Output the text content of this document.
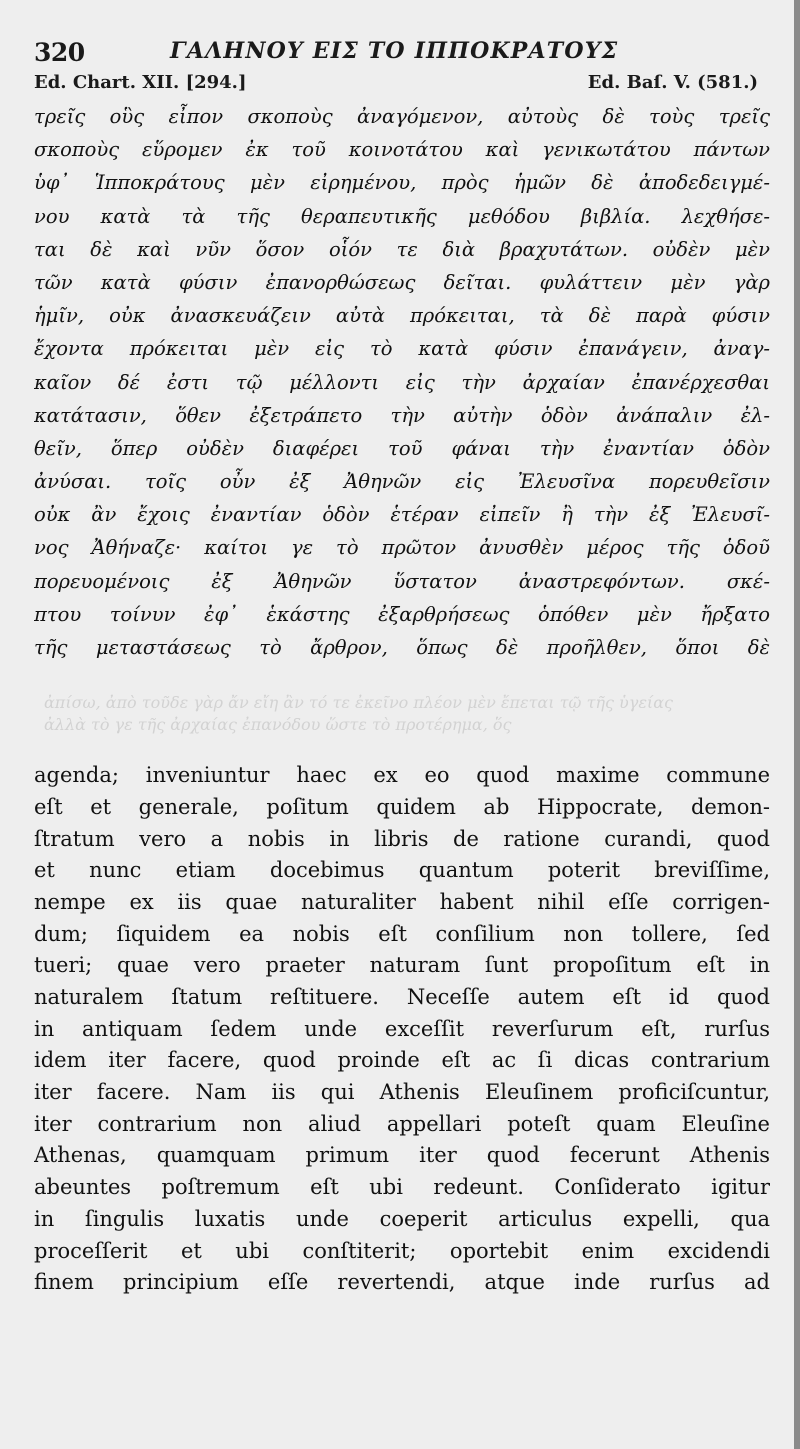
320	ΓΑΛΗΝΟΥ ΕΙΣ ΤΟ ΙΠΠΟΚΡΑΤΟΥΣ
Ed. Chart. XII. [294.]	Ed. Baſ. V. (581.)
τρεῖς οὓς εἶπον σκοποὺς ἀναγόμενον, αὐτοὺς δὲ τοὺς τρεῖς
σκοποὺς εὕρομεν ἐκ τοῦ κοινοτάτου καὶ γενικωτάτου πάντων
ὑφ᾽ Ἱπποκράτους μὲν εἰρημένου, πρὸς ἡμῶν δὲ ἀποδεδειγμέ-
νου κατὰ τὰ τῆς θεραπευτικῆς μεθόδου βιβλία. λεχθήσε-
ται δὲ καὶ νῦν ὅσον οἷόν τε διὰ βραχυτάτων. οὐδὲν μὲν
τῶν κατὰ φύσιν ἐπανορθώσεως δεῖται. φυλάττειν μὲν γὰρ
ἡμῖν, οὐκ ἀνασκευάζειν αὐτὰ πρόκειται, τὰ δὲ παρὰ φύσιν
ἔχοντα πρόκειται μὲν εἰς τὸ κατὰ φύσιν ἐπανάγειν, ἀναγ-
καῖον δέ ἐστι τῷ μέλλοντι εἰς τὴν ἀρχαίαν ἐπανέρχεσθαι
κατάτασιν, ὅθεν ἐξετράπετο τὴν αὐτὴν ὁδὸν ἀνάπαλιν ἐλ-
θεῖν, ὅπερ οὐδὲν διαφέρει τοῦ φάναι τὴν ἐναντίαν ὁδὸν
ἀνύσαι. τοῖς οὖν ἐξ Ἀθηνῶν εἰς Ἐλευσῖνα πορευθεῖσιν
οὐκ ἂν ἔχοις ἐναντίαν ὁδὸν ἑτέραν εἰπεῖν ἢ τὴν ἐξ Ἐλευσῖ-
νος Ἀθήναζε· καίτοι γε τὸ πρῶτον ἀνυσθὲν μέρος τῆς ὁδοῦ
πορευομένοις ἐξ Ἀθηνῶν ὕστατον ἀναστρεφόντων. σκέ-
πτου τοίνυν ἐφ᾽ ἑκάστης ἐξαρθρήσεως ὁπόθεν μὲν ἤρξατο
τῆς μεταστάσεως τὸ ἄρθρον, ὅπως δὲ προῆλθεν, ὅποι δὲ
ἀπίσω, ἀπὸ τοῦδε γὰρ ἄν εἴη ἂν τό τε ἐκεῖνο πλέον μὲν ἔπεται τῷ τῆς ὑγείας
ἀλλὰ τὸ γε τῆς ἀρχαίας ἐπανόδου ὥστε τὸ προτέρημα, ὅς
agenda; inveniuntur haec ex eo quod maxime commune
eſt et generale, poſitum quidem ab Hippocrate, demon-
ſtratum vero a nobis in libris de ratione curandi, quod
et nunc etiam docebimus quantum poterit breviſſime,
nempe ex iis quae naturaliter habent nihil eſſe corrigen-
dum; ſiquidem ea nobis eſt conſilium non tollere, ſed
tueri; quae vero praeter naturam ſunt propoſitum eſt in
naturalem ſtatum reſtituere. Neceſſe autem eſt id quod
in antiquam ſedem unde exceſſit reverſurum eſt, rurſus
idem iter facere, quod proinde eſt ac ſi dicas contrarium
iter facere. Nam iis qui Athenis Eleuſinem proficiſcuntur,
iter contrarium non aliud appellari poteſt quam Eleuſine
Athenas, quamquam primum iter quod fecerunt Athenis
abeuntes poſtremum eſt ubi redeunt. Conſiderato igitur
in ſingulis luxatis unde coeperit articulus expelli, qua
proceſſerit et ubi conſtiterit; oportebit enim excidendi
finem principium eſſe revertendi, atque inde rurſus ad
